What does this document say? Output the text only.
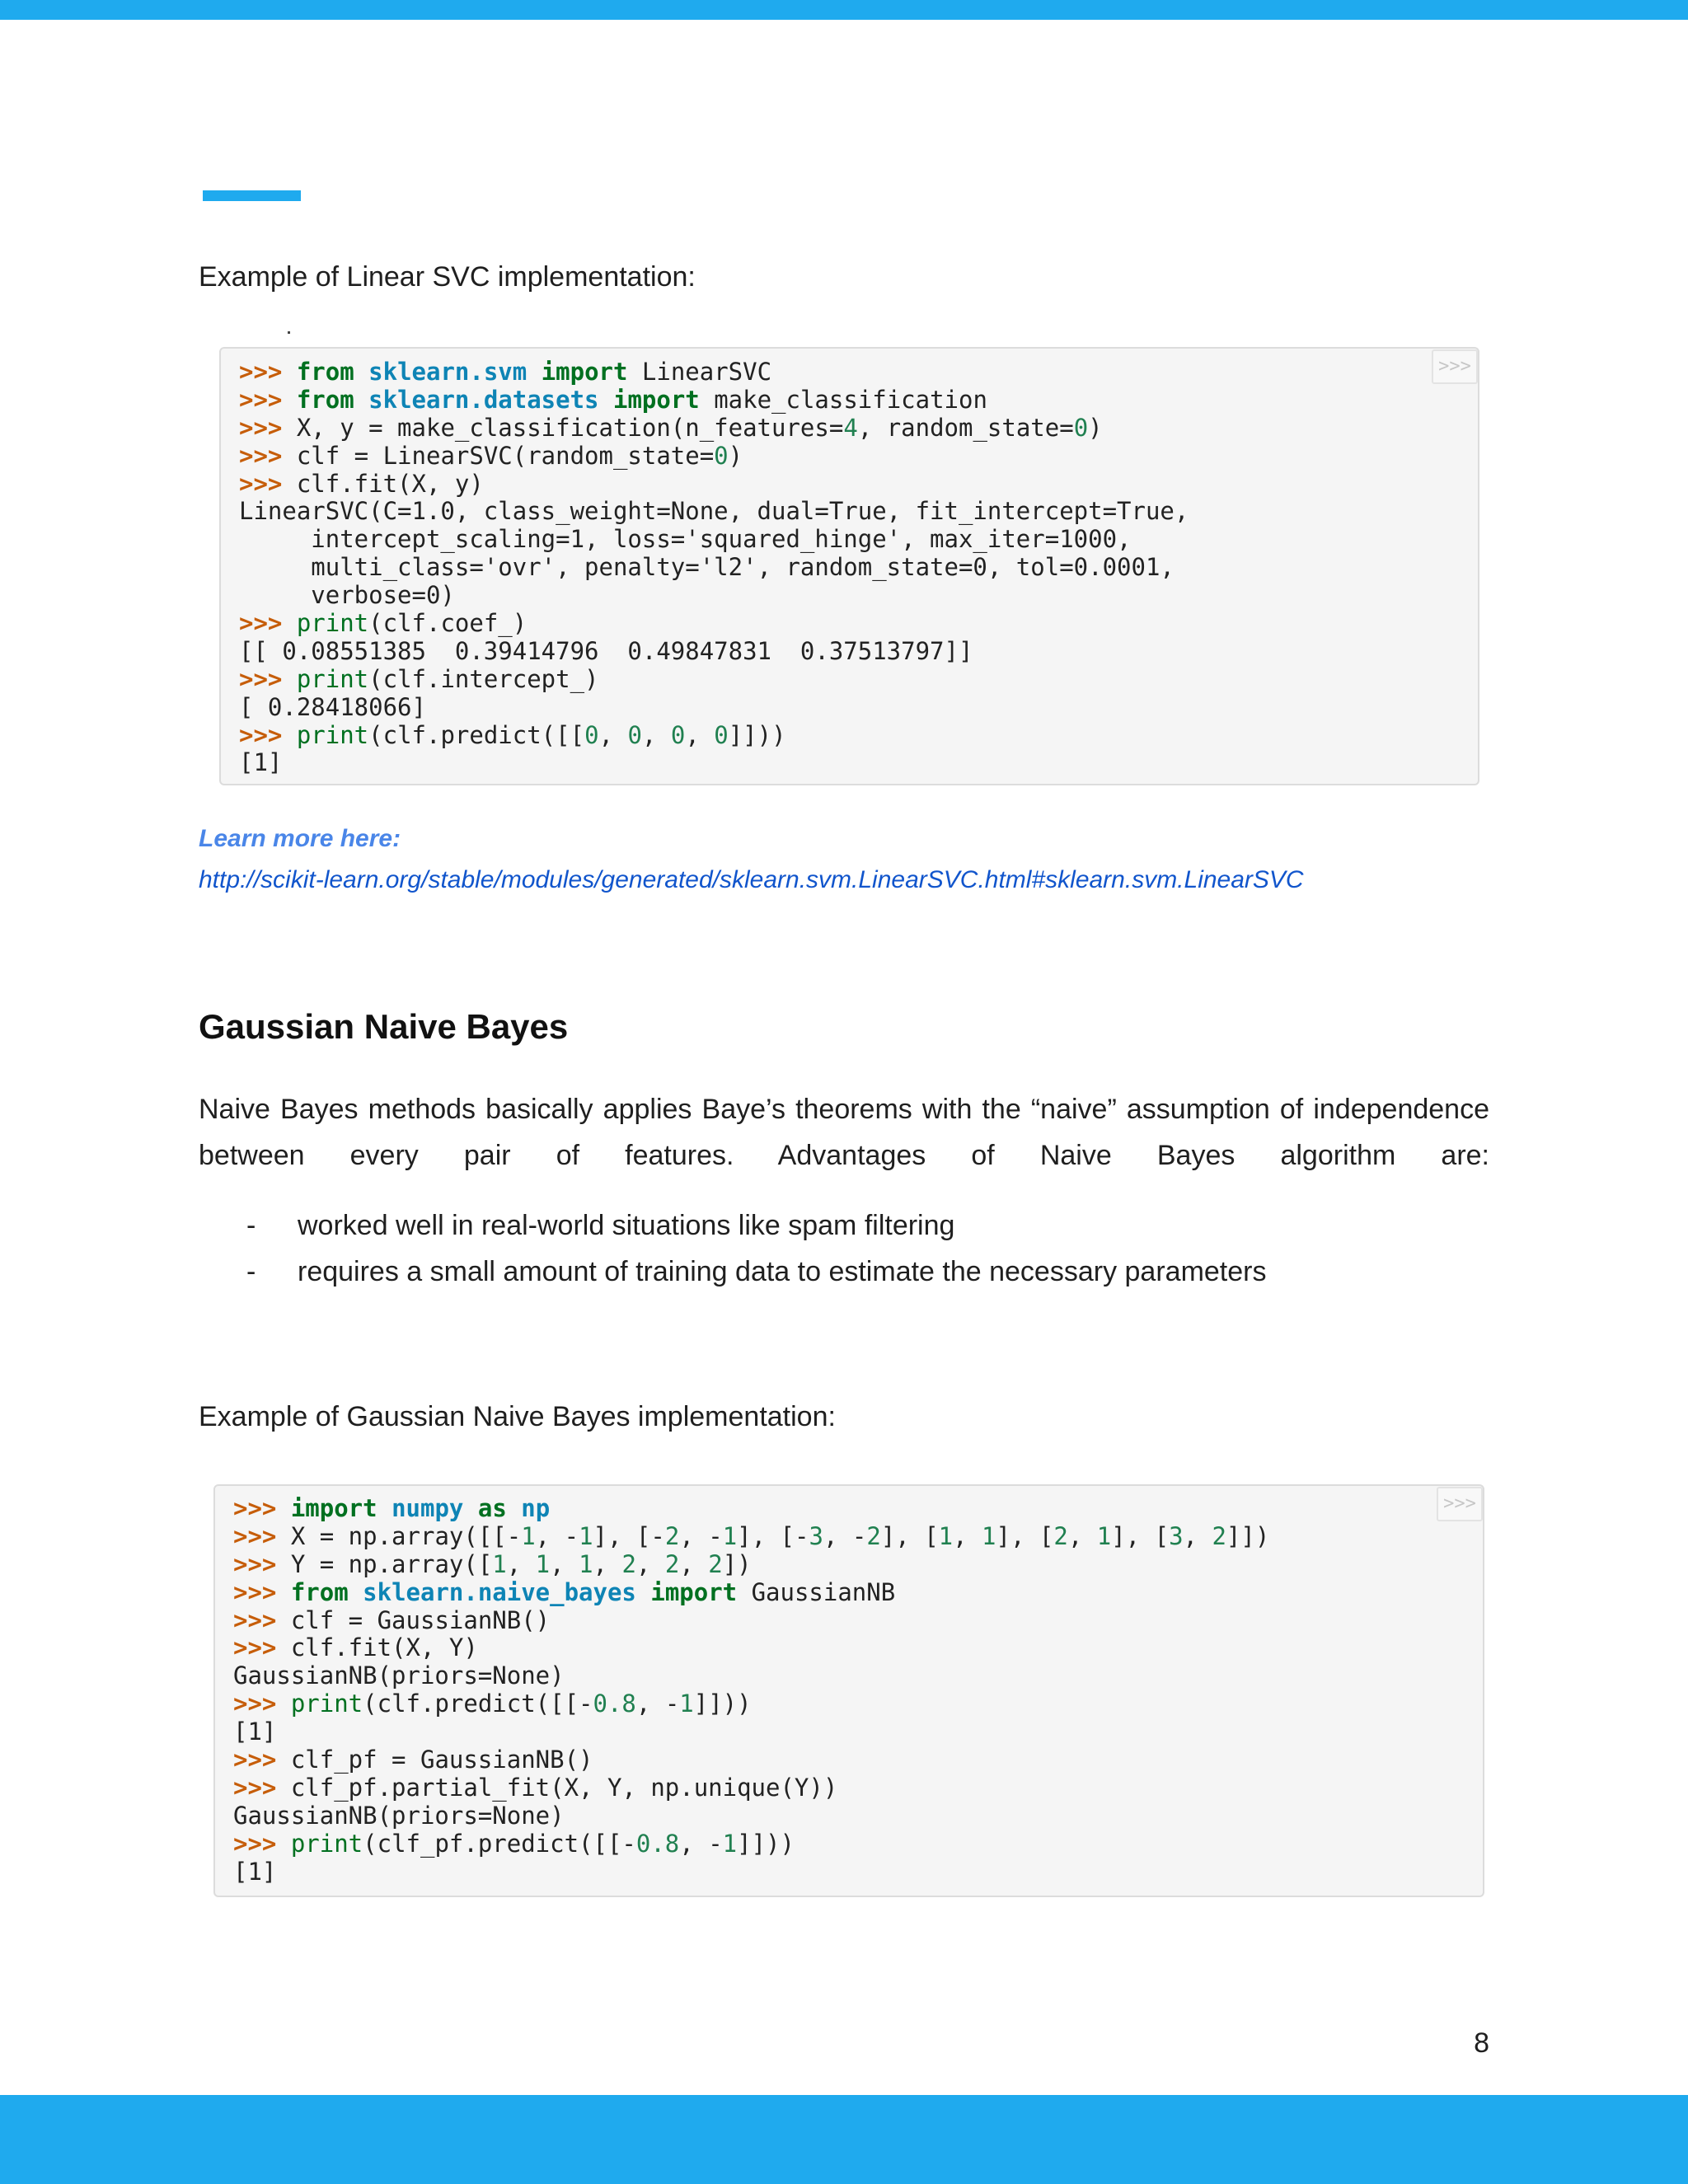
Example of Linear SVC implementation:
>>>
>>> from sklearn.svm import LinearSVC
>>> from sklearn.datasets import make_classification
>>> X, y = make_classification(n_features=4, random_state=0)
>>> clf = LinearSVC(random_state=0)
>>> clf.fit(X, y)
LinearSVC(C=1.0, class_weight=None, dual=True, fit_intercept=True,
intercept_scaling=1, loss='squared_hinge', max_iter=1000,
multi_class='ovr', penalty='l2', random_state=0, tol=0.0001,
verbose=0)
>>> print(clf.coef_)
[[ 0.08551385  0.39414796  0.49847831  0.37513797]]
>>> print(clf.intercept_)
[ 0.28418066]
>>> print(clf.predict([[0, 0, 0, 0]]))
[1]
Learn more here:
http://scikit-learn.org/stable/modules/generated/sklearn.svm.LinearSVC.html#sklearn.svm.LinearSVC
Gaussian Naive Bayes

Naive Bayes methods basically applies Baye’s theorems with the “naive” assumption of independence between every pair of features. Advantages of Naive Bayes algorithm are:

- worked well in real-world situations like spam filtering
- requires a small amount of training data to estimate the necessary parameters
Example of Gaussian Naive Bayes implementation:
>>>
>>> import numpy as np
>>> X = np.array([[-1, -1], [-2, -1], [-3, -2], [1, 1], [2, 1], [3, 2]])
>>> Y = np.array([1, 1, 1, 2, 2, 2])
>>> from sklearn.naive_bayes import GaussianNB
>>> clf = GaussianNB()
>>> clf.fit(X, Y)
GaussianNB(priors=None)
>>> print(clf.predict([[-0.8, -1]]))
[1]
>>> clf_pf = GaussianNB()
>>> clf_pf.partial_fit(X, Y, np.unique(Y))
GaussianNB(priors=None)
>>> print(clf_pf.predict([[-0.8, -1]]))
[1]
8
